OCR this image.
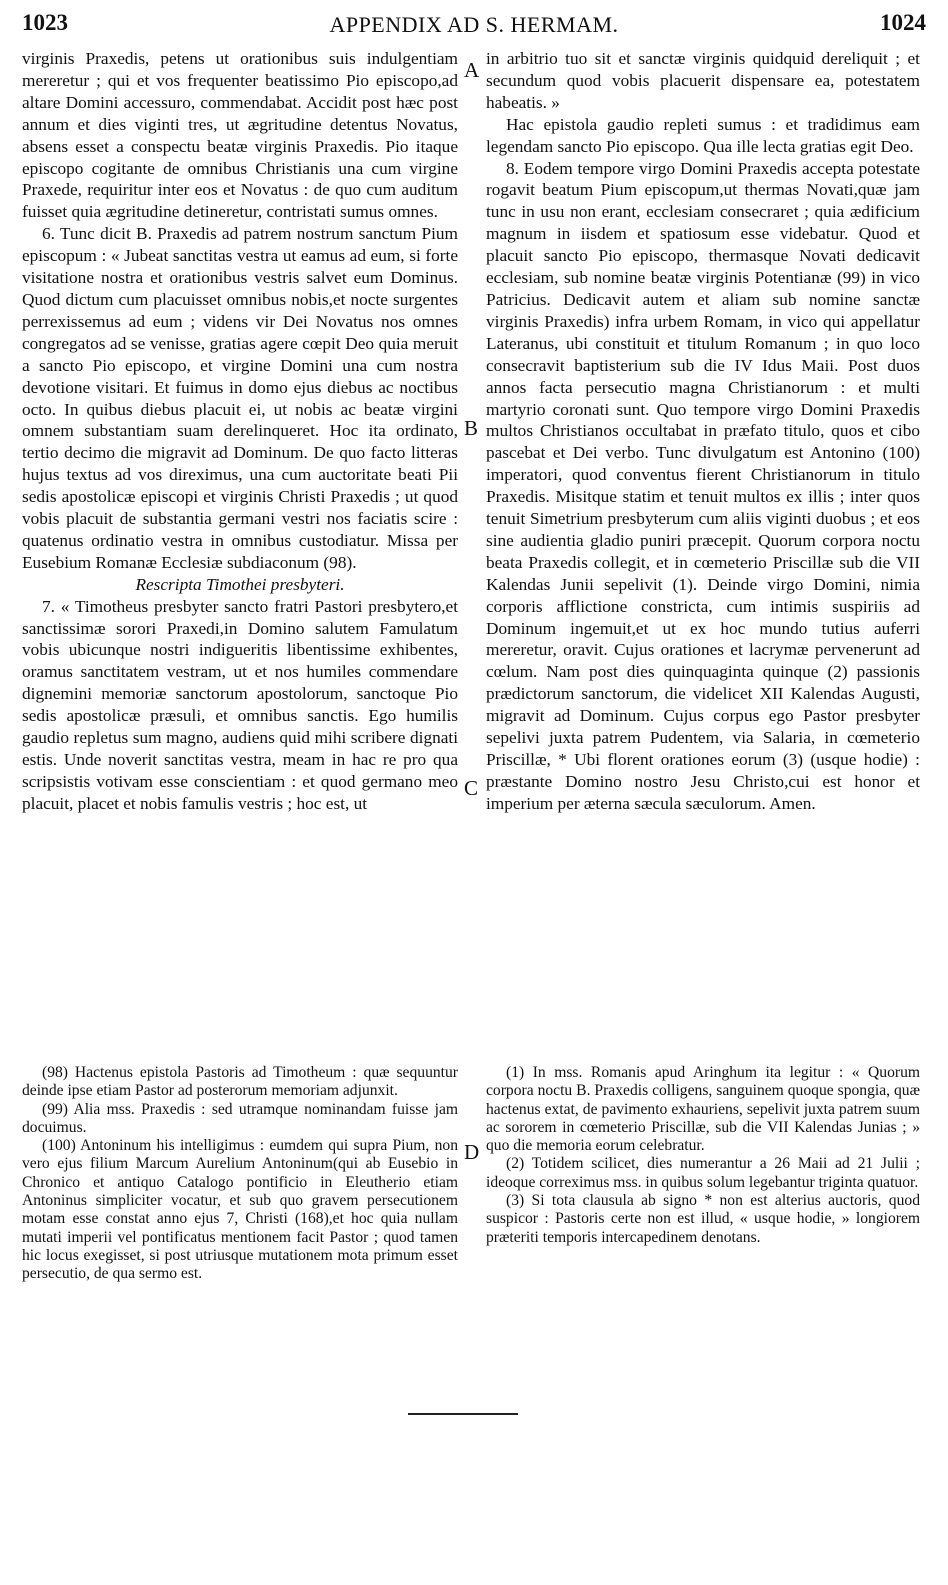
1023	APPENDIX AD S. HERMAM.	1024

virginis Praxedis, petens ut orationibus suis indulgentiam mereretur ; qui et vos frequenter beatissimo Pio episcopo,ad altare Domini accessuro, commendabat. Accidit post hæc post annum et dies viginti tres, ut ægritudine detentus Novatus, absens esset a conspectu beatæ virginis Praxedis. Pio itaque episcopo cogitante de omnibus Christianis una cum virgine Praxede, requiritur inter eos et Novatus : de quo cum auditum fuisset quia ægritudine detineretur, contristati sumus omnes.

6. Tunc dicit B. Praxedis ad patrem nostrum sanctum Pium episcopum : « Jubeat sanctitas vestra ut eamus ad eum, si forte visitatione nostra et orationibus vestris salvet eum Dominus. Quod dictum cum placuisset omnibus nobis,et nocte surgentes perrexissemus ad eum ; videns vir Dei Novatus nos omnes congregatos ad se venisse, gratias agere cœpit Deo quia meruit a sancto Pio episcopo, et virgine Domini una cum nostra devotione visitari. Et fuimus in domo ejus diebus ac noctibus octo. In quibus diebus placuit ei, ut nobis ac beatæ virgini omnem substantiam suam derelinqueret. Hoc ita ordinato, tertio decimo die migravit ad Dominum. De quo facto litteras hujus textus ad vos direximus, una cum auctoritate beati Pii sedis apostolicæ episcopi et virginis Christi Praxedis ; ut quod vobis placuit de substantia germani vestri nos faciatis scire : quatenus ordinatio vestra in omnibus custodiatur. Missa per Eusebium Romanæ Ecclesiæ subdiaconum (98).

Rescripta Timothei presbyteri.

7. « Timotheus presbyter sancto fratri Pastori presbytero,et sanctissimæ sorori Praxedi,in Domino salutem Famulatum vobis ubicunque nostri indigueritis libentissime exhibentes, oramus sanctitatem vestram, ut et nos humiles commendare dignemini memoriæ sanctorum apostolorum, sanctoque Pio sedis apostolicæ præsuli, et omnibus sanctis. Ego humilis gaudio repletus sum magno, audiens quid mihi scribere dignati estis. Unde noverit sanctitas vestra, meam in hac re pro qua scripsistis votivam esse conscientiam : et quod germano meo placuit, placet et nobis famulis vestris ; hoc est, ut

in arbitrio tuo sit et sanctæ virginis quidquid dereliquit ; et secundum quod vobis placuerit dispensare ea, potestatem habeatis. »

Hac epistola gaudio repleti sumus : et tradidimus eam legendam sancto Pio episcopo. Qua ille lecta gratias egit Deo.

8. Eodem tempore virgo Domini Praxedis accepta potestate rogavit beatum Pium episcopum,ut thermas Novati,quæ jam tunc in usu non erant, ecclesiam consecraret ; quia ædificium magnum in iisdem et spatiosum esse videbatur. Quod et placuit sancto Pio episcopo, thermasque Novati dedicavit ecclesiam, sub nomine beatæ virginis Potentianæ (99) in vico Patricius. Dedicavit autem et aliam sub nomine sanctæ virginis Praxedis) infra urbem Romam, in vico qui appellatur Lateranus, ubi constituit et titulum Romanum ; in quo loco consecravit baptisterium sub die IV Idus Maii. Post duos annos facta persecutio magna Christianorum : et multi martyrio coronati sunt. Quo tempore virgo Domini Praxedis multos Christianos occultabat in præfato titulo, quos et cibo pascebat et Dei verbo. Tunc divulgatum est Antonino (100) imperatori, quod conventus fierent Christianorum in titulo Praxedis. Misitque statim et tenuit multos ex illis ; inter quos tenuit Simetrium presbyterum cum aliis viginti duobus ; et eos sine audientia gladio puniri præcepit. Quorum corpora noctu beata Praxedis collegit, et in cœmeterio Priscillæ sub die VII Kalendas Junii sepelivit (1). Deinde virgo Domini, nimia corporis afflictione constricta, cum intimis suspiriis ad Dominum ingemuit,et ut ex hoc mundo tutius auferri mereretur, oravit. Cujus orationes et lacrymæ pervenerunt ad cœlum. Nam post dies quinquaginta quinque (2) passionis prædictorum sanctorum, die videlicet XII Kalendas Augusti, migravit ad Dominum. Cujus corpus ego Pastor presbyter sepelivi juxta patrem Pudentem, via Salaria, in cœmeterio Priscillæ, * Ubi florent orationes eorum (3) (usque hodie) : præstante Domino nostro Jesu Christo,cui est honor et imperium per æterna sæcula sæculorum. Amen.

A
B
C
D

(98) Hactenus epistola Pastoris ad Timotheum : quæ sequuntur deinde ipse etiam Pastor ad posterorum memoriam adjunxit.

(99) Alia mss. Praxedis : sed utramque nominandam fuisse jam docuimus.

(100) Antoninum his intelligimus : eumdem qui supra Pium, non vero ejus filium Marcum Aurelium Antoninum(qui ab Eusebio in Chronico et antiquo Catalogo pontificio in Eleutherio etiam Antoninus simpliciter vocatur, et sub quo gravem persecutionem motam esse constat anno ejus 7, Christi (168),et hoc quia nullam mutati imperii vel pontificatus mentionem facit Pastor ; quod tamen hic locus exegisset, si post utriusque mutationem mota primum esset persecutio, de qua sermo est.

(1) In mss. Romanis apud Aringhum ita legitur : « Quorum corpora noctu B. Praxedis colligens, sanguinem quoque spongia, quæ hactenus extat, de pavimento exhauriens, sepelivit juxta patrem suum ac sororem in cœmeterio Priscillæ, sub die VII Kalendas Junias ; » quo die memoria eorum celebratur.

(2) Totidem scilicet, dies numerantur a 26 Maii ad 21 Julii ; ideoque correximus mss. in quibus solum legebantur triginta quatuor.

(3) Si tota clausula ab signo * non est alterius auctoris, quod suspicor : Pastoris certe non est illud, « usque hodie, » longiorem præteriti temporis intercapedinem denotans.
